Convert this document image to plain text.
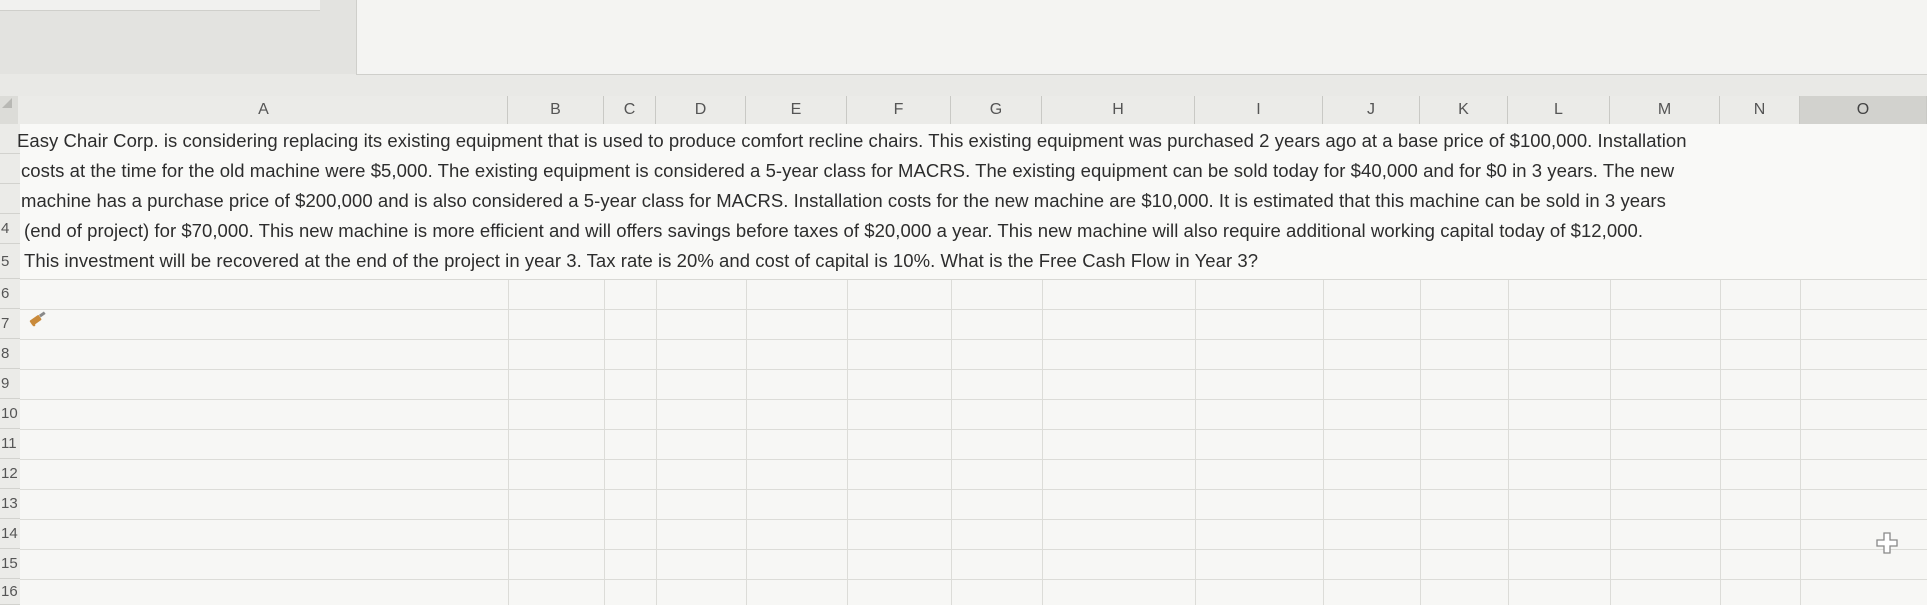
A	B	C	D	E	F	G	H	I	J	K	L	M	N	O
4
5
6
7
8
9
10
11
12
13
14
15
16
Easy Chair Corp. is considering replacing its existing equipment that is used to produce comfort recline chairs. This existing equipment was purchased 2 years ago at a base price of $100,000. Installation
costs at the time for the old machine were $5,000. The existing equipment is considered a 5-year class for MACRS. The existing equipment can be sold today for $40,000 and for $0 in 3 years. The new
machine has a purchase price of $200,000 and is also considered a 5-year class for MACRS. Installation costs for the new machine are $10,000. It is estimated that this machine can be sold in 3 years
(end of project) for $70,000. This new machine is more efficient and will offers savings before taxes of $20,000 a year. This new machine will also require additional working capital today of $12,000.
This investment will be recovered at the end of the project in year 3. Tax rate is 20% and cost of capital is 10%. What is the Free Cash Flow in Year 3?
